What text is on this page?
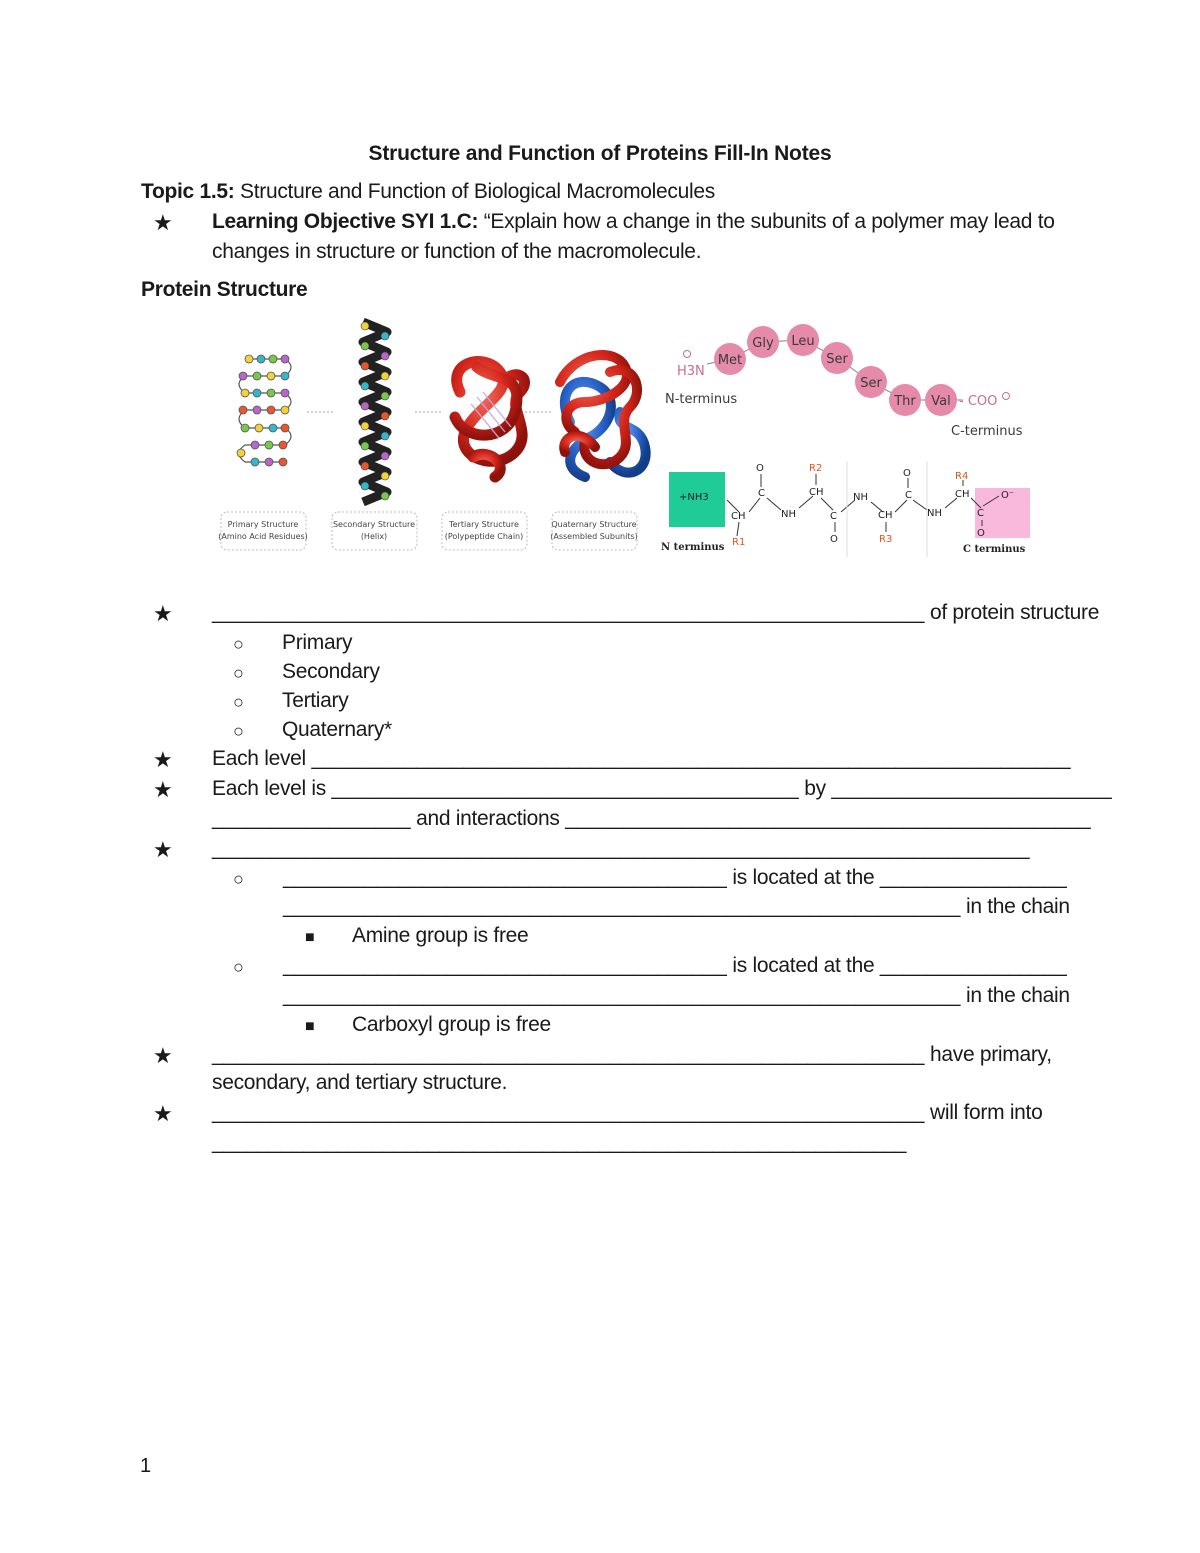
Structure and Function of Proteins Fill-In Notes
Topic 1.5: Structure and Function of Biological Macromolecules
★ Learning Objective SYI 1.C: “Explain how a change in the subunits of a polymer may lead to
changes in structure or function of the macromolecule.
Protein Structure
Primary Structure
(Amino Acid Residues)
Secondary Structure
(Helix)
Tertiary Structure
(Polypeptide Chain)
Quaternary Structure
(Assembled Subunits)
H3N
N-terminus
Met
Gly Leu
Ser
Ser
Thr Val - COO
C-terminus
+NH3
CH
R1
C
O
NH
CH
R2
C
O
NH
CH
R3
C
O
NH
CH
R4
C
O⁻
O
N terminus	C terminus
★ _____________________________________________________________ of protein structure
○ Primary
○ Secondary
○ Tertiary
○ Quaternary*
★ Each level _________________________________________________________________
★ Each level is ________________________________________ by ________________________
_________________ and interactions _____________________________________________
★ ______________________________________________________________________
○ ______________________________________ is located at the ________________
__________________________________________________________ in the chain
■ Amine group is free
○ ______________________________________ is located at the ________________
__________________________________________________________ in the chain
■ Carboxyl group is free
★ _____________________________________________________________ have primary,
secondary, and tertiary structure.
★ _____________________________________________________________ will form into
_____________________________________________________________
1
